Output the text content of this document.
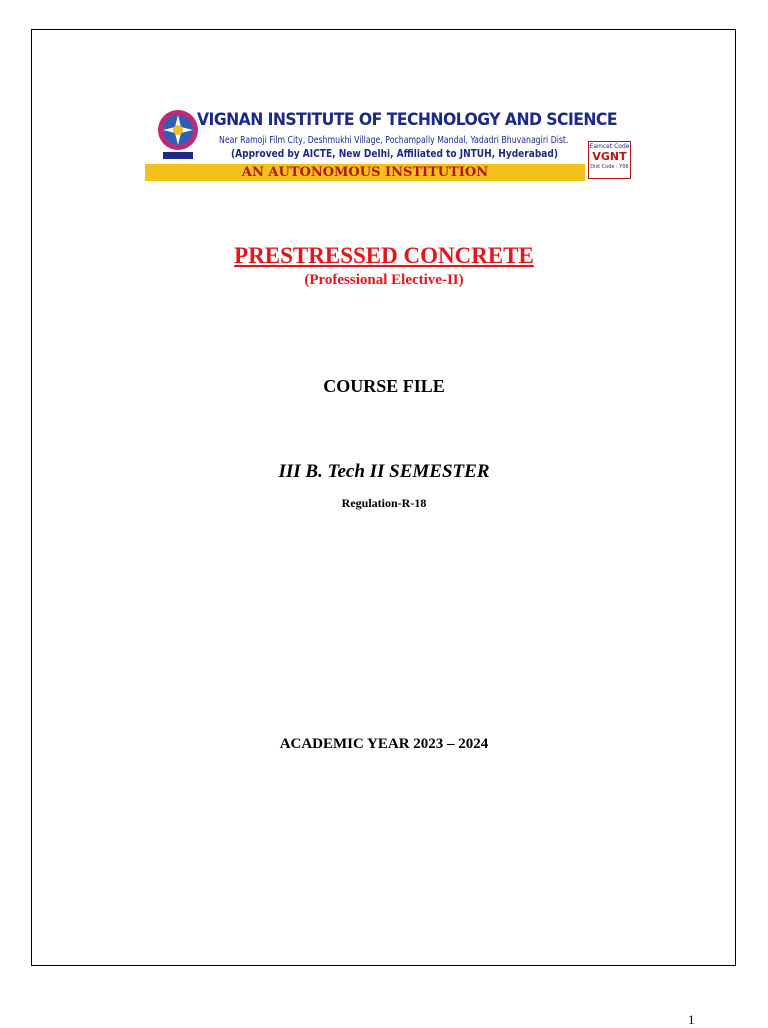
VIGNAN INSTITUTE OF TECHNOLOGY AND SCIENCE
Near Ramoji Film City, Deshmukhi Village, Pochampally Mandal, Yadadri Bhuvanagiri Dist.
(Approved by AICTE, New Delhi, Affiliated to JNTUH, Hyderabad)
AN AUTONOMOUS INSTITUTION
Eamcet Code
VGNT
Dist Code : Y06
PRESTRESSED CONCRETE
(Professional Elective-II)
COURSE FILE
III B. Tech II SEMESTER
Regulation-R-18
ACADEMIC YEAR 2023 – 2024
1
